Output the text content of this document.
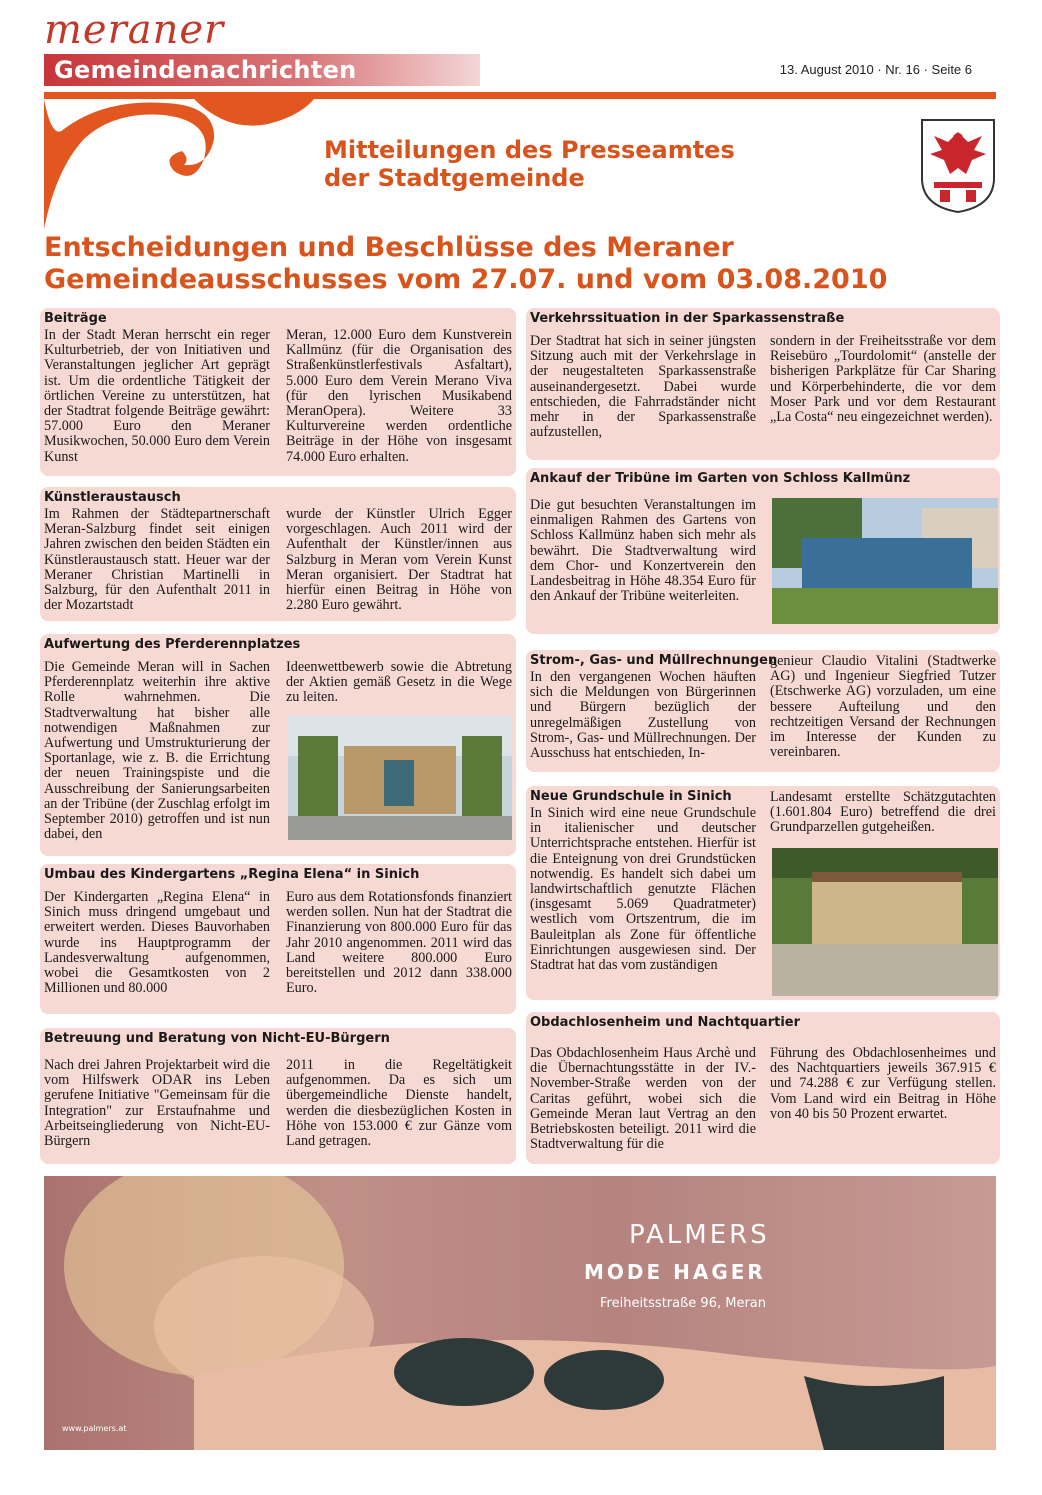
meraner
Gemeindenachrichten	13. August 2010 · Nr. 16 · Seite 6
Mitteilungen des Presseamtes
der Stadtgemeinde
Entscheidungen und Beschlüsse des Meraner
Gemeindeausschusses vom 27.07. und vom 03.08.2010
Beiträge
In der Stadt Meran herrscht ein reger Kulturbetrieb, der von Initiativen und Veranstaltungen jeglicher Art geprägt ist. Um die ordentliche Tätigkeit der örtlichen Vereine zu unterstützen, hat der Stadtrat folgende Beiträge gewährt: 57.000 Euro den Meraner Musikwochen, 50.000 Euro dem Verein Kunst
Meran, 12.000 Euro dem Kunstverein Kallmünz (für die Organisation des Straßenkünstlerfestivals Asfaltart), 5.000 Euro dem Verein Merano Viva (für den lyrischen Musikabend MeranOpera). Weitere 33 Kulturvereine werden ordentliche Beiträge in der Höhe von insgesamt 74.000 Euro erhalten.
Künstleraustausch
Im Rahmen der Städtepartnerschaft Meran-Salzburg findet seit einigen Jahren zwischen den beiden Städten ein Künstleraustausch statt. Heuer war der Meraner Christian Martinelli in Salzburg, für den Aufenthalt 2011 in der Mozartstadt
wurde der Künstler Ulrich Egger vorgeschlagen. Auch 2011 wird der Aufenthalt der Künstler/innen aus Salzburg in Meran vom Verein Kunst Meran organisiert. Der Stadtrat hat hierfür einen Beitrag in Höhe von 2.280 Euro gewährt.
Aufwertung des Pferderennplatzes
Die Gemeinde Meran will in Sachen Pferderennplatz weiterhin ihre aktive Rolle wahrnehmen. Die Stadtverwaltung hat bisher alle notwendigen Maßnahmen zur Aufwertung und Umstrukturierung der Sportanlage, wie z. B. die Errichtung der neuen Trainingspiste und die Ausschreibung der Sanierungsarbeiten an der Tribüne (der Zuschlag erfolgt im September 2010) getroffen und ist nun dabei, den
Ideenwettbewerb sowie die Abtretung der Aktien gemäß Gesetz in die Wege zu leiten.
Umbau des Kindergartens „Regina Elena“ in Sinich
Der Kindergarten „Regina Elena“ in Sinich muss dringend umgebaut und erweitert werden. Dieses Bauvorhaben wurde ins Hauptprogramm der Landesverwaltung aufgenommen, wobei die Gesamtkosten von 2 Millionen und 80.000
Euro aus dem Rotationsfonds finanziert werden sollen. Nun hat der Stadtrat die Finanzierung von 800.000 Euro für das Jahr 2010 angenommen. 2011 wird das Land weitere 800.000 Euro bereitstellen und 2012 dann 338.000 Euro.
Betreuung und Beratung von Nicht-EU-Bürgern
Nach drei Jahren Projektarbeit wird die vom Hilfswerk ODAR ins Leben gerufene Initiative "Gemeinsam für die Integration" zur Erstaufnahme und Arbeitseingliederung von Nicht-EU-Bürgern
2011 in die Regeltätigkeit aufgenommen. Da es sich um übergemeindliche Dienste handelt, werden die diesbezüglichen Kosten in Höhe von 153.000 € zur Gänze vom Land getragen.
Verkehrssituation in der Sparkassenstraße
Der Stadtrat hat sich in seiner jüngsten Sitzung auch mit der Verkehrslage in der neugestalteten Sparkassenstraße auseinandergesetzt. Dabei wurde entschieden, die Fahrradständer nicht mehr in der Sparkassenstraße aufzustellen,
sondern in der Freiheitsstraße vor dem Reisebüro „Tourdolomit“ (anstelle der bisherigen Parkplätze für Car Sharing und Körperbehinderte, die vor dem Moser Park und vor dem Restaurant „La Costa“ neu eingezeichnet werden).
Ankauf der Tribüne im Garten von Schloss Kallmünz
Die gut besuchten Veranstaltungen im einmaligen Rahmen des Gartens von Schloss Kallmünz haben sich mehr als bewährt. Die Stadtverwaltung wird dem Chor- und Konzertverein den Landesbeitrag in Höhe 48.354 Euro für den Ankauf der Tribüne weiterleiten.
Strom-, Gas- und Müllrechnungen
In den vergangenen Wochen häuften sich die Meldungen von Bürgerinnen und Bürgern bezüglich der unregelmäßigen Zustellung von Strom-, Gas- und Müllrechnungen. Der Ausschuss hat entschieden, In-
genieur Claudio Vitalini (Stadtwerke AG) und Ingenieur Siegfried Tutzer (Etschwerke AG) vorzuladen, um eine bessere Aufteilung und den rechtzeitigen Versand der Rechnungen im Interesse der Kunden zu vereinbaren.
Neue Grundschule in Sinich
In Sinich wird eine neue Grundschule in italienischer und deutscher Unterrichtsprache entstehen. Hierfür ist die Enteignung von drei Grundstücken notwendig. Es handelt sich dabei um landwirtschaftlich genutzte Flächen (insgesamt 5.069 Quadratmeter) westlich vom Ortszentrum, die im Bauleitplan als Zone für öffentliche Einrichtungen ausgewiesen sind. Der Stadtrat hat das vom zuständigen
Landesamt erstellte Schätzgutachten (1.601.804 Euro) betreffend die drei Grundparzellen gutgeheißen.
Obdachlosenheim und Nachtquartier
Das Obdachlosenheim Haus Archè und die Übernachtungsstätte in der IV.-November-Straße werden von der Caritas geführt, wobei sich die Gemeinde Meran laut Vertrag an den Betriebskosten beteiligt. 2011 wird die Stadtverwaltung für die
Führung des Obdachlosenheimes und des Nachtquartiers jeweils 367.915 € und 74.288 € zur Verfügung stellen. Vom Land wird ein Beitrag in Höhe von 40 bis 50 Prozent erwartet.
PALMERS
MODE HAGER
Freiheitsstraße 96, Meran
www.palmers.at
